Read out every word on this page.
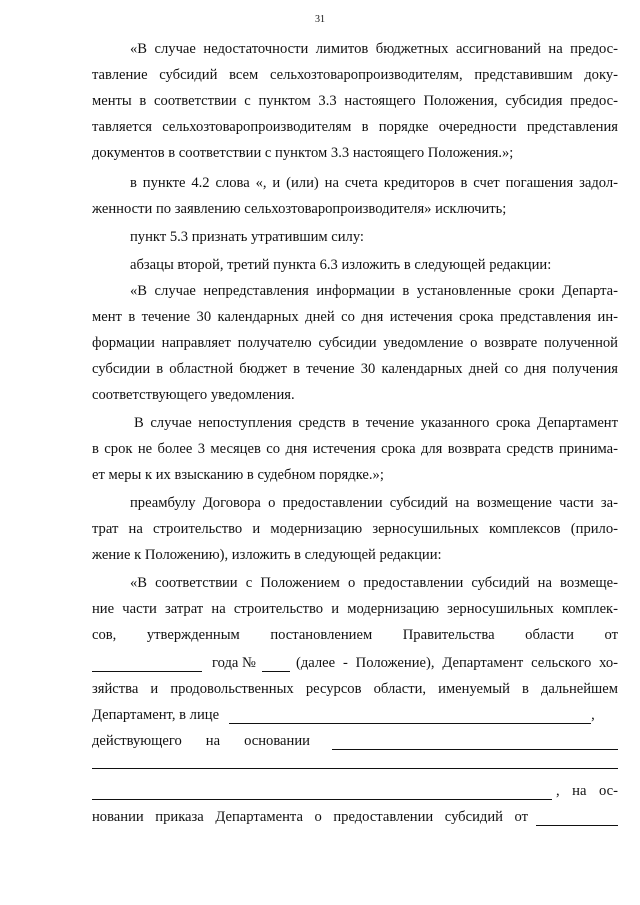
31
«В случае недостаточности лимитов бюджетных ассигнований на предос-
тавление субсидий всем сельхозтоваропроизводителям, представившим доку-
менты в соответствии с пунктом 3.3 настоящего Положения, субсидия предос-
тавляется сельхозтоваропроизводителям в порядке очередности представления
документов в соответствии с пунктом 3.3 настоящего Положения.»;
в пункте 4.2 слова «, и (или) на счета кредиторов в счет погашения задол-
женности по заявлению сельхозтоваропроизводителя» исключить;
пункт 5.3 признать утратившим силу:
абзацы второй, третий пункта 6.3 изложить в следующей редакции:
«В случае непредставления информации в установленные сроки Департа-
мент в течение 30 календарных дней со дня истечения срока представления ин-
формации направляет получателю субсидии уведомление о возврате полученной
субсидии в областной бюджет в течение 30 календарных дней со дня получения
соответствующего уведомления.
В случае непоступления средств в течение указанного срока Департамент
в срок не более 3 месяцев со дня истечения срока для возврата средств принима-
ет меры к их взысканию в судебном порядке.»;
преамбулу Договора о предоставлении субсидий на возмещение части за-
трат на строительство и модернизацию зерносушильных комплексов (прило-
жение к Положению), изложить в следующей редакции:
«В соответствии с Положением о предоставлении субсидий на возмеще-
ние части затрат на строительство и модернизацию зерносушильных комплек-
сов, утвержденным постановлением Правительства области от
года №	(далее - Положение), Департамент сельского хо-
зяйства и продовольственных ресурсов области, именуемый в дальнейшем
Департамент, в лице	,
действующего на основании
, на ос-
новании приказа Департамента о предоставлении субсидий от
